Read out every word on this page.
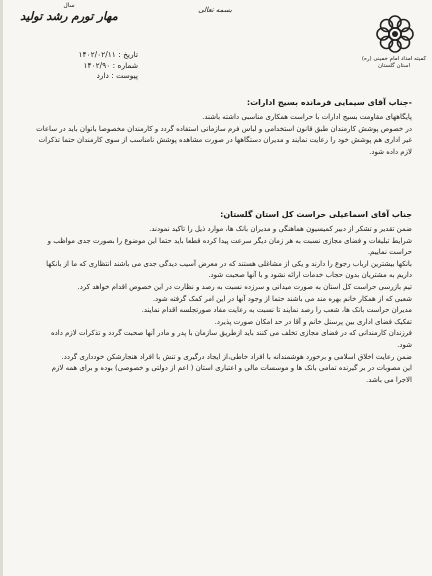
بسمه تعالی
سال
مهار تورم رشد تولید
کمیته امداد امام خمینی (ره) استان گلستان
تاریخ : ۱۴۰۲/۰۲/۱۱
شماره : ۱۴۰۲/۹۰
پیوست : دارد
-جناب آقای سیمایی فرمانده بسیج ادارات:

پایگاههای مقاومت بسیج ادارات با حراست همکاری مناسبی داشته باشند.

در خصوص پوشش کارمندان طبق قانون استخدامی و لباس فرم سازمانی استفاده گردد و کارمندان مخصوصا بانوان باید در ساعات غیر اداری هم پوشش خود را رعایت نمایند و مدیران دستگاهها در صورت مشاهده پوشش نامناسب از سوی کارمندان حتما تذکرات لازم داده شود.

جناب آقای اسماعیلی حراست کل استان گلستان:

ضمن تقدیر و تشکر از دبیر کمیسیون هماهنگی و مدیران بانک ها، موارد ذیل را تاکید نمودند.

شرایط تبلیغات و فضای مجازی نسبت به هر زمان دیگر سرعت پیدا کرده قطعا باید حتما این موضوع را بصورت جدی مواظب و حراست نماییم.

بانکها بیشترین ارباب رجوع را دارند و یکی از مشاغلی هستند که در معرض آسیب دیدگی جدی می باشند انتظاری که ما از بانکها داریم به مشتریان بدون حجاب خدمات ارائه نشود و با آنها صحبت شود.

تیم بازرسی حراست کل استان به صورت میدانی و سرزده نسبت به رصد و نظارت در این خصوص اقدام خواهد کرد.

شعبی که از همکار خانم بهره مند می باشند حتما از وجود آنها در این امر کمک گرفته شود.

مدیران حراست بانک ها، شعب را رصد نمایند تا نسبت به رعایت مفاد صورتجلسه اقدام نمایند.

تفکیک فضای اداری بین پرسنل خانم و آقا در حد امکان صورت پذیرد.

فرزندان کارمندانی که در فضای مجازی تخلف می کنند باید ازطریق سازمان با پدر و مادر آنها صحبت گردد و تذکرات لازم داده شود.

ضمن رعایت اخلاق اسلامی و برخورد هوشمندانه با افراد خاطی،از ایجاد درگیری و تنش با افراد هنجارشکن خودداری گردد.

این مصوبات در بر گیرنده تمامی بانک ها و موسسات مالی و اعتباری استان ( اعم از دولتی و خصوصی) بوده و برای همه لازم الاجرا می باشد.
